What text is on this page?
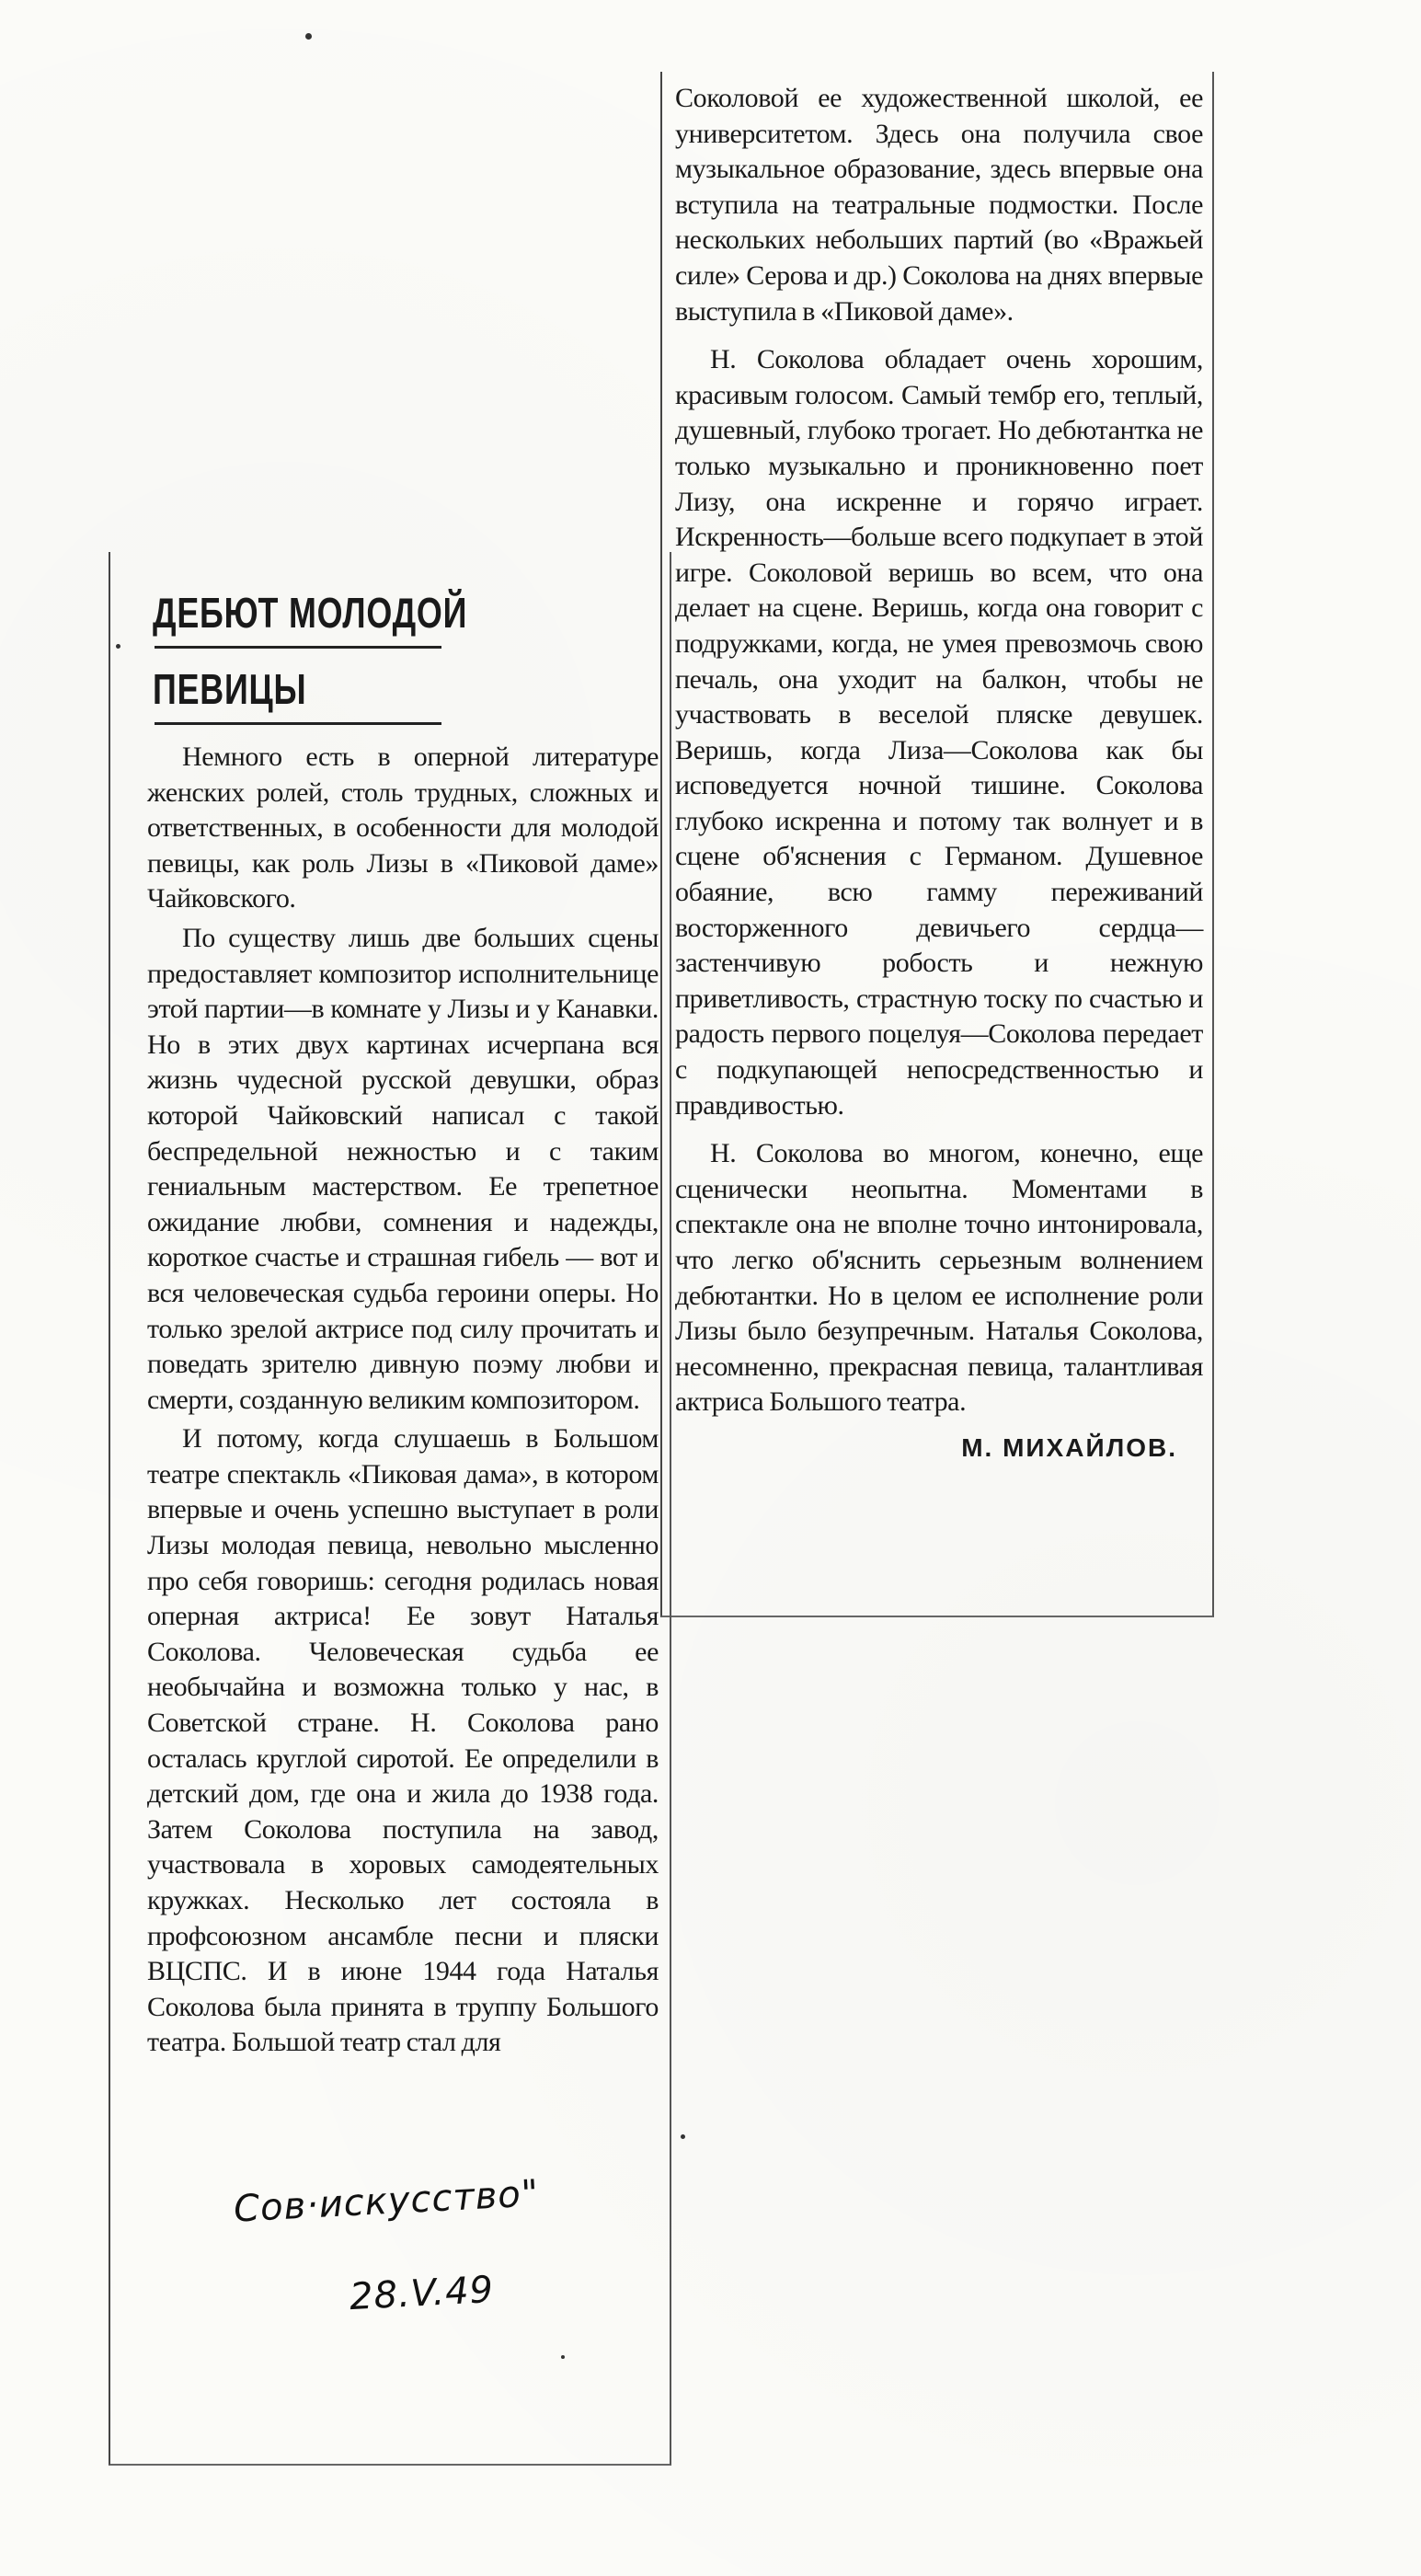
Соколовой ее художественной школой, ее университетом. Здесь она получила свое музыкальное образование, здесь впервые она вступила на театральные подмостки. После нескольких небольших партий (во «Вражьей силе» Серова и др.) Соколова на днях впервые выступила в «Пиковой даме».

Н. Соколова обладает очень хорошим, красивым голосом. Самый тембр его, теплый, душевный, глубоко трогает. Но дебютантка не только музыкально и проникновенно поет Лизу, она искренне и горячо играет. Искренность—больше всего подкупает в этой игре. Соколовой веришь во всем, что она делает на сцене. Веришь, когда она говорит с подружками, когда, не умея превозмочь свою печаль, она уходит на балкон, чтобы не участвовать в веселой пляске девушек. Веришь, когда Лиза—Соколова как бы исповедуется ночной тишине. Соколова глубоко искренна и потому так волнует и в сцене об'яснения с Германом. Душевное обаяние, всю гамму переживаний восторженного девичьего сердца—застенчивую робость и нежную приветливость, страстную тоску по счастью и радость первого поцелуя—Соколова передает с подкупающей непосредственностью и правдивостью.

Н. Соколова во многом, конечно, еще сценически неопытна. Моментами в спектакле она не вполне точно интонировала, что легко об'яснить серьезным волнением дебютантки. Но в целом ее исполнение роли Лизы было безупречным. Наталья Соколова, несомненно, прекрасная певица, талантливая актриса Большого театра.

М. МИХАЙЛОВ.
ДЕБЮТ МОЛОДОЙ
ПЕВИЦЫ

Немного есть в оперной литературе женских ролей, столь трудных, сложных и ответственных, в особенности для молодой певицы, как роль Лизы в «Пиковой даме» Чайковского.

По существу лишь две больших сцены предоставляет композитор исполнительнице этой партии—в комнате у Лизы и у Канавки. Но в этих двух картинах исчерпана вся жизнь чудесной русской девушки, образ которой Чайковский написал с такой беспредельной нежностью и с таким гениальным мастерством. Ее трепетное ожидание любви, сомнения и надежды, короткое счастье и страшная гибель — вот и вся человеческая судьба героини оперы. Но только зрелой актрисе под силу прочитать и поведать зрителю дивную поэму любви и смерти, созданную великим композитором.

И потому, когда слушаешь в Большом театре спектакль «Пиковая дама», в котором впервые и очень успешно выступает в роли Лизы молодая певица, невольно мысленно про себя говоришь: сегодня родилась новая оперная актриса! Ее зовут Наталья Соколова. Человеческая судьба ее необычайна и возможна только у нас, в Советской стране. Н. Соколова рано осталась круглой сиротой. Ее определили в детский дом, где она и жила до 1938 года. Затем Соколова поступила на завод, участвовала в хоровых самодеятельных кружках. Несколько лет состояла в профсоюзном ансамбле песни и пляски ВЦСПС. И в июне 1944 года Наталья Соколова была принята в труппу Большого театра. Большой театр стал для

Сов·искусство"
28.V.49
